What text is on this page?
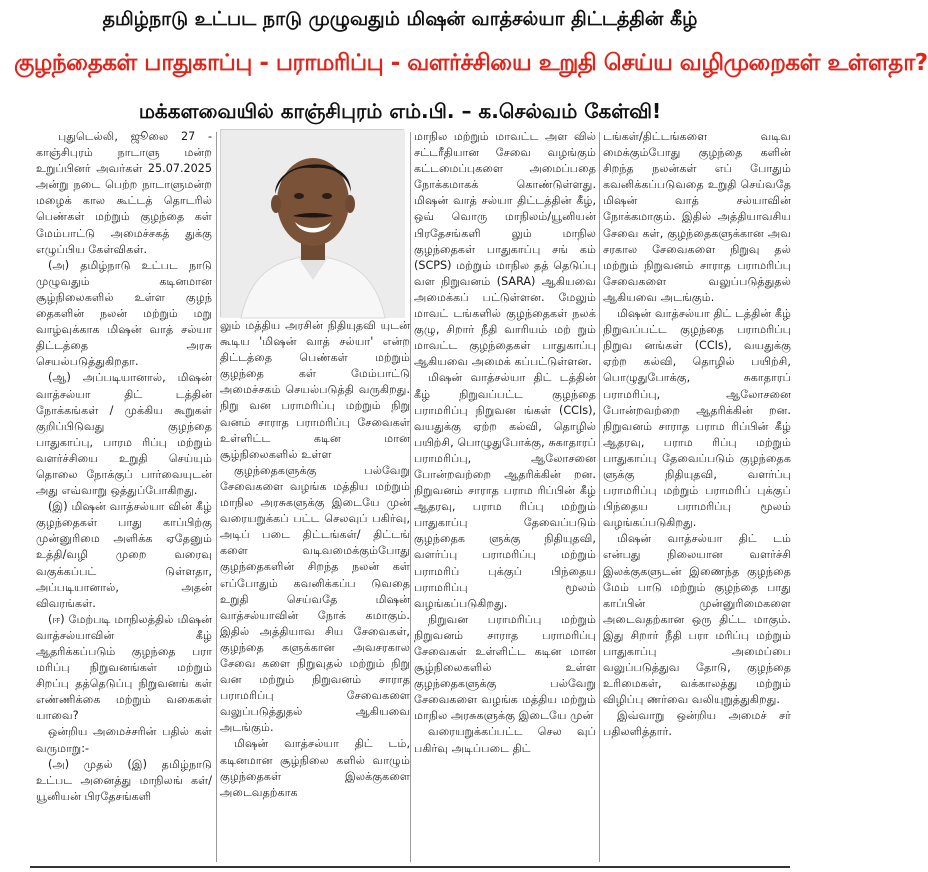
தமிழ்நாடு உட்பட நாடு முழுவதும் மிஷன் வாத்சல்யா திட்டத்தின் கீழ்
குழந்தைகள் பாதுகாப்பு - பராமரிப்பு - வளர்ச்சியை உறுதி செய்ய வழிமுறைகள் உள்ளதா?
மக்களவையில் காஞ்சிபுரம் எம்.பி. – க.செல்வம் கேள்வி!

புதுடெல்லி, ஜூலை 27 - காஞ்சிபுரம் நாடாளு மன்ற உறுப்பினர் அவர்கள் 25.07.2025 அன்று நடை பெற்ற நாடாளுமன்ற மழைக் கால கூட்டத் தொடரில் பெண்கள் மற்றும் குழந்தை கள் மேம்பாட்டு அமைச்சகத் துக்கு எழுப்பிய கேள்விகள்.

(அ) தமிழ்நாடு உட்பட நாடு முழுவதும் கடினமான சூழ்நிலைகளில் உள்ள குழந் தைகளின் நலன் மற்றும் மறு வாழ்வுக்காக மிஷன் வாத் சல்யா திட்டத்தை அரசு செயல்படுத்துகிறதா.

(ஆ) அப்படியானால், மிஷன் வாத்சல்யா திட் டத்தின் நோக்கங்கள் / முக்கிய கூறுகள் குறிப்பிடுவது குழந்தை பாதுகாப்பு, பாரம ரிப்பு மற்றும் வளர்ச்சியை உறுதி செய்யும் தொலை நோக்குப் பார்வையுடன் அது எவ்வாறு ஒத்துப்போகிறது.

(இ) மிஷன் வாத்சல்யா வின் கீழ் குழந்தைகள் பாது காப்பிற்கு முன்னுரிமை அளிக்க ஏதேனும் உத்தி/வழி முறை வரைவு வகுக்கப்பட் டுள்ளதா, அப்படியானால், அதன் விவரங்கள்.

(ஈ) மேற்படி மாநிலத்தில் மிஷன் வாத்சல்யாவின் கீழ் ஆதரிக்கப்படும் குழந்தை பரா மரிப்பு நிறுவனங்கள் மற்றும் சிறப்பு தத்தெடுப்பு நிறுவனங் கள் எண்ணிக்கை மற்றும் வகைகள் யாவை?

ஒன்றிய அமைச்சரின் பதில் கள் வருமாறு:-

(அ) முதல் (இ) தமிழ்நாடு உட்பட அனைத்து மாநிலங் கள்/யூனியன் பிரதேசங்களி

லும் மத்திய அரசின் நிதியுதவி யுடன் கூடிய 'மிஷன் வாத் சல்யா' என்ற திட்டத்தை பெண்கள் மற்றும் குழந்தை கள் மேம்பாட்டு அமைச்சகம் செயல்படுத்தி வருகிறது. நிறு வன பராமரிப்பு மற்றும் நிறு வனம் சாராத பராமரிப்பு சேவைகள் உள்ளிட்ட கடின மான சூழ்நிலைகளில் உள்ள

குழந்தைகளுக்கு பல்வேறு சேவைகளை வழங்க மத்திய மற்றும் மாநில அரசுகளுக்கு இடையே முன் வரையறுக்கப் பட்ட செலவுப் பகிர்வு, அடிப் படை திட்டங்கள்/ திட்டங் களை வடிவமைக்கும்போது குழந்தைகளின் சிறந்த நலன் கள் எப்போதும் கவனிக்கப்ப டுவதை உறுதி செய்வதே மிஷன் வாத்சல்யாவின் நோக் கமாகும். இதில் அத்தியாவ சிய சேவைகள், குழந்தை களுக்கான அவசரகால சேவை களை நிறுவுதல் மற்றும் நிறு வன மற்றும் நிறுவனம் சாராத பராமரிப்பு சேவைகளை வலுப்படுத்துதல் ஆகியவை அடங்கும்.

மிஷன் வாத்சல்யா திட் டம், கடினமான சூழ்நிலை களில் வாழும் குழந்தைகள் இலக்குகளை அடைவதற்காக

மாநில மற்றும் மாவட்ட அள வில் சட்டரீதியான சேவை வழங்கும் கட்டமைப்புகளை அமைப்பதை நோக்கமாகக் கொண்டுள்ளது. மிஷன் வாத் சல்யா திட்டத்தின் கீழ், ஒவ் வொரு மாநிலம்/யூனியன் பிரதேசங்களி லும் மாநில குழந்தைகள் பாதுகாப்பு சங் கம் (SCPS) மற்றும் மாநில தத் தெடுப்பு வள நிறுவனம் (SARA) ஆகியவை அமைக்கப் பட்டுள்ளன. மேலும் மாவட் டங்களில் குழந்தைகள் நலக் குழு, சிறார் நீதி வாரியம் மற் றும் மாவட்ட குழந்தைகள் பாதுகாப்பு ஆகியவை அமைக் கப்பட்டுள்ளன.

மிஷன் வாத்சல்யா திட் டத்தின் கீழ் நிறுவப்பட்ட குழந்தை பராமரிப்பு நிறுவன ங்கள் (CCIs), வயதுக்கு ஏற்ற கல்வி, தொழில் பயிற்சி, பொழுதுபோக்கு, சுகாதாரப் பராமரிப்பு, ஆலோசனை போன்றவற்றை ஆதரிக்கின் றன. நிறுவனம் சாராத பராம ரிப்பின் கீழ் ஆதரவு, பராம ரிப்பு மற்றும் பாதுகாப்பு தேவைப்படும் குழந்தைக ளுக்கு நிதியுதவி, வளர்ப்பு பராமரிப்பு மற்றும் பராமரிப் புக்குப் பிந்தைய பராமரிப்பு மூலம் வழங்கப்படுகிறது.

நிறுவன பராமரிப்பு மற்றும் நிறுவனம் சாராத பராமரிப்பு சேவைகள் உள்ளிட்ட கடின மான சூழ்நிலைகளில் உள்ள குழந்தைகளுக்கு பல்வேறு சேவைகளை வழங்க மத்திய மற்றும் மாநில அரசுகளுக்கு இடையே முன்

வரையறுக்கப்பட்ட செல வுப் பகிர்வு அடிப்படை திட்

டங்கள்/திட்டங்களை வடிவ மைக்கும்போது குழந்தை களின் சிறந்த நலன்கள் எப் போதும் கவனிக்கப்படுவதை உறுதி செய்வதே மிஷன் வாத் சல்யாவின் நோக்கமாகும். இதில் அத்தியாவசிய சேவை கள், குழந்தைகளுக்கான அவ சரகால சேவைகளை நிறுவு தல் மற்றும் நிறுவனம் சாராத பராமரிப்பு சேவைகளை வலுப்படுத்துதல் ஆகியவை அடங்கும்.

மிஷன் வாத்சல்யா திட் டத்தின் கீழ் நிறுவப்பட்ட குழந்தை பராமரிப்பு நிறுவ னங்கள் (CCIs), வயதுக்கு ஏற்ற கல்வி, தொழில் பயிற்சி, பொழுதுபோக்கு, சுகாதாரப் பராமரிப்பு, ஆலோசனை போன்றவற்றை ஆதரிக்கின் றன. நிறுவனம் சாராத பராம ரிப்பின் கீழ் ஆதரவு, பராம ரிப்பு மற்றும் பாதுகாப்பு தேவைப்படும் குழந்தைக ளுக்கு நிதியுதவி, வளர்ப்பு பராமரிப்பு மற்றும் பராமரிப் புக்குப் பிந்தைய பராமரிப்பு மூலம் வழங்கப்படுகிறது.

மிஷன் வாத்சல்யா திட் டம் என்பது நிலையான வளர்ச்சி இலக்குகளுடன் இணைந்த குழந்தை மேம் பாடு மற்றும் குழந்தை பாது காப்பின் முன்னுரிமைகளை அடைவதற்கான ஒரு திட்ட மாகும். இது சிறார் நீதி பரா மரிப்பு மற்றும் பாதுகாப்பு அமைப்பை வலுப்படுத்துவ தோடு, குழந்தை உரிமைகள், வக்காலத்து மற்றும் விழிப்பு ணர்வை வலியுறுத்துகிறது.

இவ்வாறு ஒன்றிய அமைச் சர் பதிலளித்தார்.
